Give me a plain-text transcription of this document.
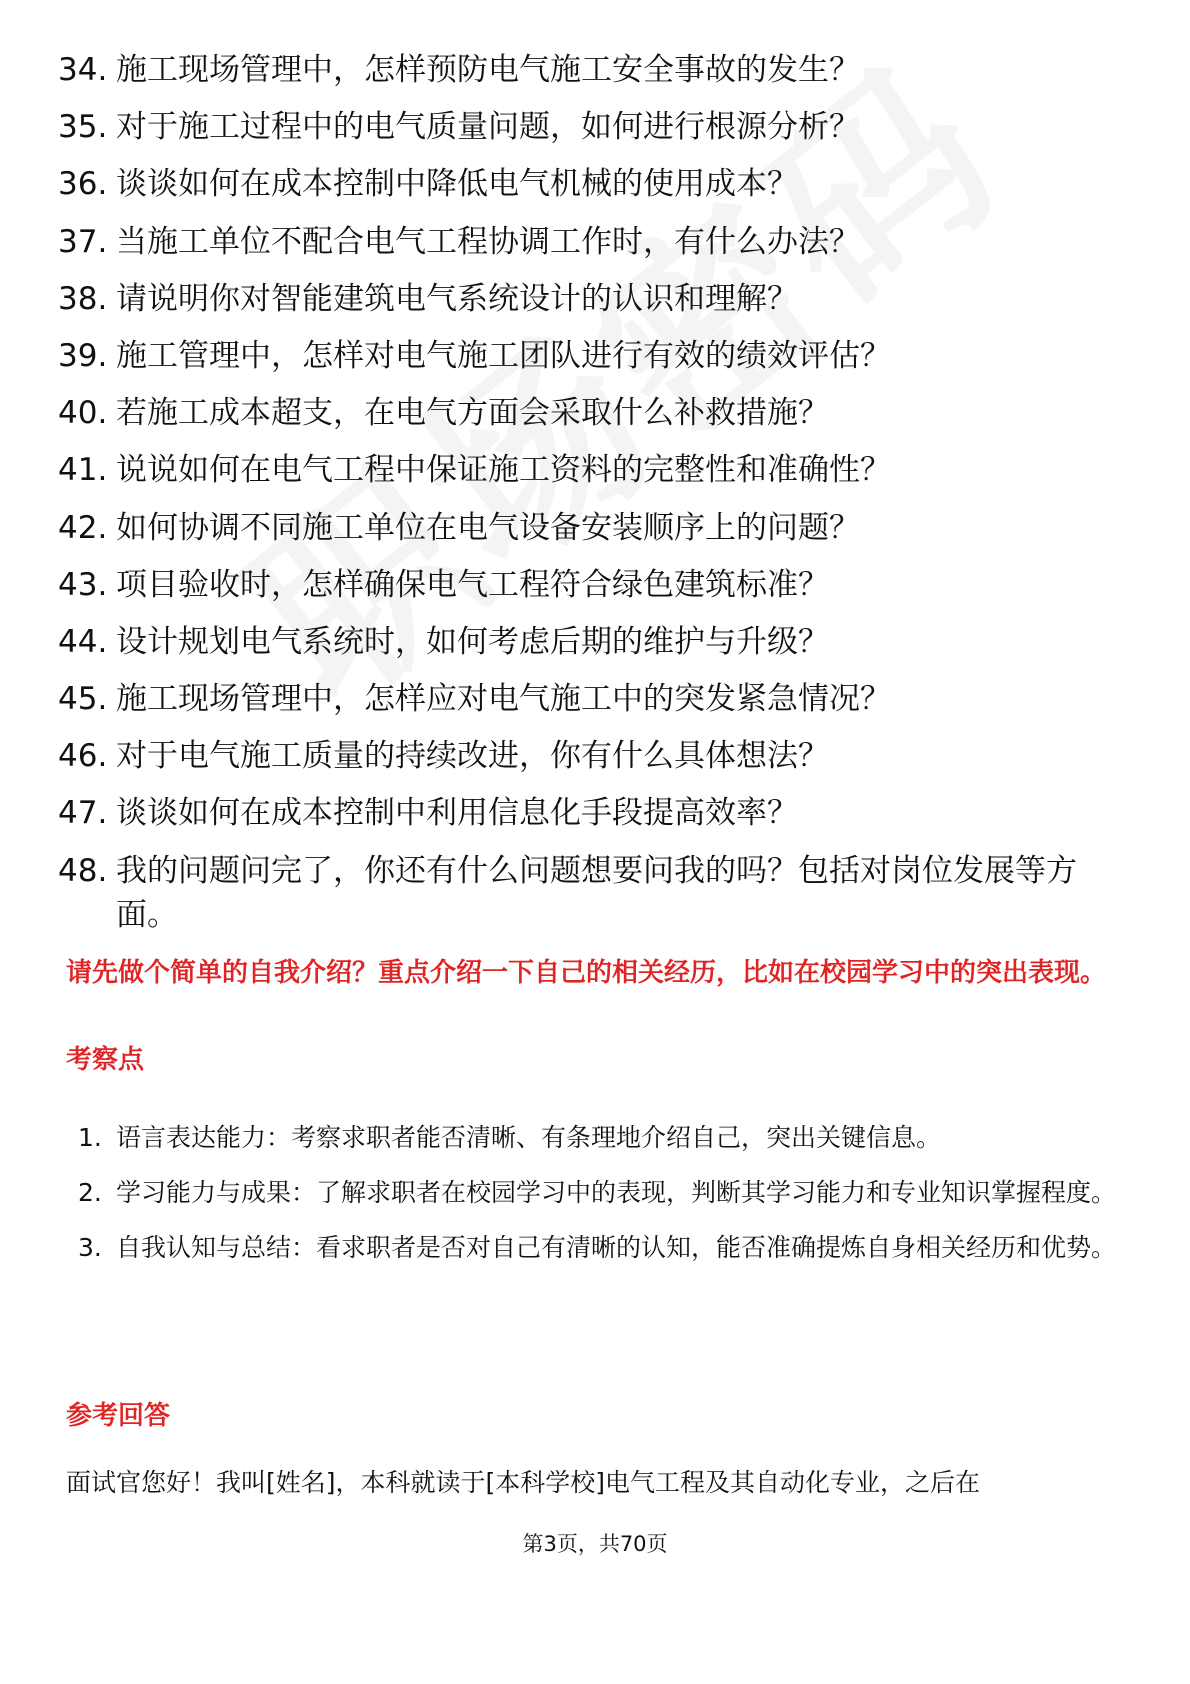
34. 施工现场管理中，怎样预防电气施工安全事故的发生？
35. 对于施工过程中的电气质量问题，如何进行根源分析？
36. 谈谈如何在成本控制中降低电气机械的使用成本？
37. 当施工单位不配合电气工程协调工作时，有什么办法？
38. 请说明你对智能建筑电气系统设计的认识和理解？
39. 施工管理中，怎样对电气施工团队进行有效的绩效评估？
40. 若施工成本超支，在电气方面会采取什么补救措施？
41. 说说如何在电气工程中保证施工资料的完整性和准确性？
42. 如何协调不同施工单位在电气设备安装顺序上的问题？
43. 项目验收时，怎样确保电气工程符合绿色建筑标准？
44. 设计规划电气系统时，如何考虑后期的维护与升级？
45. 施工现场管理中，怎样应对电气施工中的突发紧急情况？
46. 对于电气施工质量的持续改进，你有什么具体想法？
47. 谈谈如何在成本控制中利用信息化手段提高效率？
48. 我的问题问完了，你还有什么问题想要问我的吗？包括对岗位发展等方面。

请先做个简单的自我介绍？重点介绍一下自己的相关经历，比如在校园学习中的突出表现。

考察点
1. 语言表达能力：考察求职者能否清晰、有条理地介绍自己，突出关键信息。
2. 学习能力与成果：了解求职者在校园学习中的表现，判断其学习能力和专业知识掌握程度。
3. 自我认知与总结：看求职者是否对自己有清晰的认知，能否准确提炼自身相关经历和优势。
参考回答

面试官您好！我叫[姓名]，本科就读于[本科学校]电气工程及其自动化专业，之后在

第3页，共70页
